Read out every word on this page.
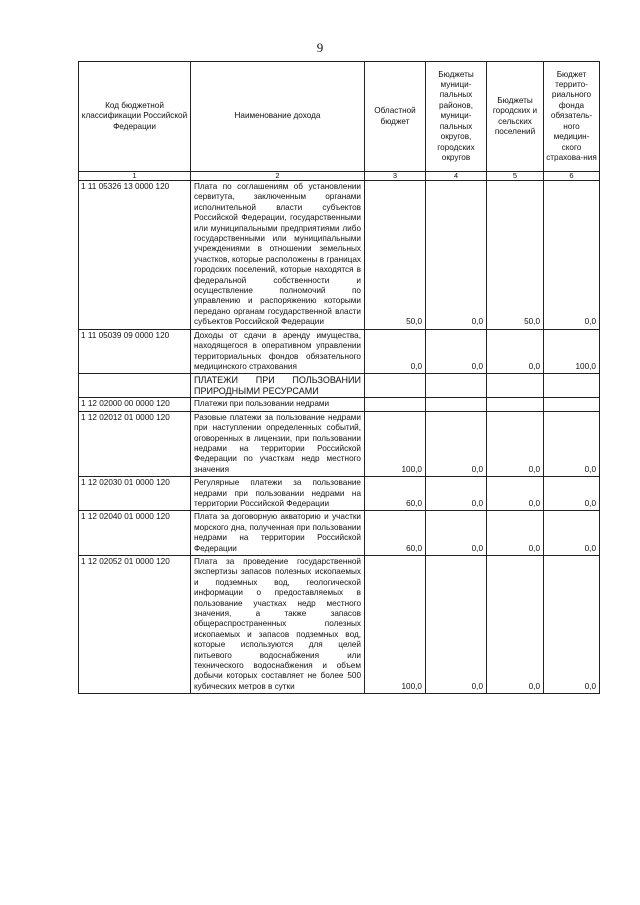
9
Код бюджетной классификации Российской Федерации	Наименование дохода	Областной бюджет	Бюджеты муници-пальных районов, муници-пальных округов, городских округов	Бюджеты городских и сельских поселений	Бюджет террито-риального фонда обязатель-ного медицин-ского страхова-ния
1	2	3	4	5	6
1 11 05326 13 0000 120	Плата по соглашениям об установлении сервитута, заключенным органами исполнительной власти субъектов Российской Федерации, государственными или муниципальными предприятиями либо государственными или муниципальными учреждениями в отношении земельных участков, которые расположены в границах городских поселений, которые находятся в федеральной собственности и осуществление полномочий по управлению и распоряжению которыми передано органам государственной власти субъектов Российской Федерации	50,0	0,0	50,0	0,0
1 11 05039 09 0000 120	Доходы от сдачи в аренду имущества, находящегося в оперативном управлении территориальных фондов обязательного медицинского страхования	0,0	0,0	0,0	100,0
	ПЛАТЕЖИ ПРИ ПОЛЬЗОВАНИИ ПРИРОДНЫМИ РЕСУРСАМИ				
1 12 02000 00 0000 120	Платежи при пользовании недрами				
1 12 02012 01 0000 120	Разовые платежи за пользование недрами при наступлении определенных событий, оговоренных в лицензии, при пользовании недрами на территории Российской Федерации по участкам недр местного значения	100,0	0,0	0,0	0,0
1 12 02030 01 0000 120	Регулярные платежи за пользование недрами при пользовании недрами на территории Российской Федерации	60,0	0,0	0,0	0,0
1 12 02040 01 0000 120	Плата за договорную акваторию и участки морского дна, полученная при пользовании недрами на территории Российской Федерации	60,0	0,0	0,0	0,0
1 12 02052 01 0000 120	Плата за проведение государственной экспертизы запасов полезных ископаемых и подземных вод, геологической информации о предоставляемых в пользование участках недр местного значения, а также запасов общераспространенных полезных ископаемых и запасов подземных вод, которые используются для целей питьевого водоснабжения или технического водоснабжения и объем добычи которых составляет не более 500 кубических метров в сутки	100,0	0,0	0,0	0,0
